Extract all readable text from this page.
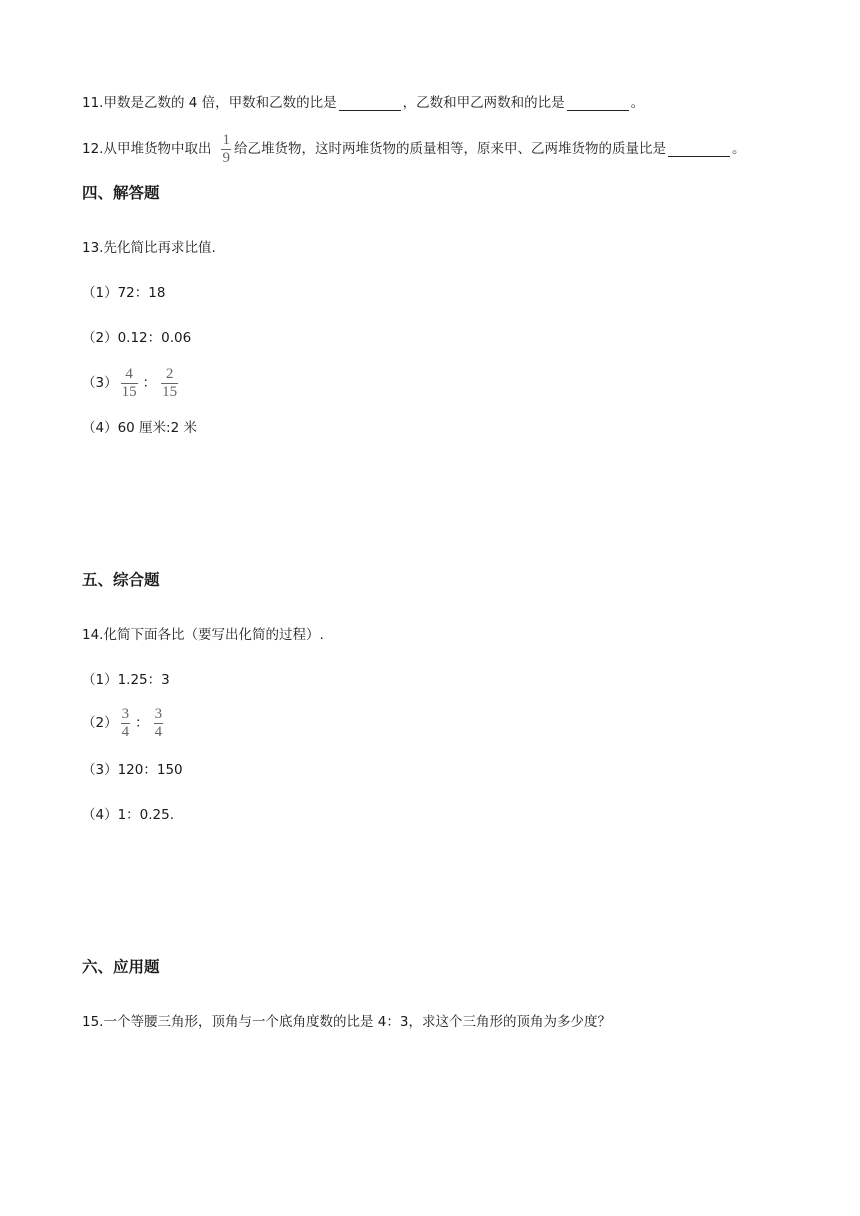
11.甲数是乙数的 4 倍，甲数和乙数的比是	，乙数和甲乙两数和的比是	。
12.从甲堆货物中取出 $\frac{1}{9}$ 给乙堆货物，这时两堆货物的质量相等，原来甲、乙两堆货物的质量比是	。
四、解答题
13.先化简比再求比值.
（1）72：18
（2）0.12：0.06
$(3) \frac{4}{15}$ ： $\frac{2}{15}$
（4）60 厘米:2 米
五、综合题
14.化简下面各比（要写出化简的过程）.
（1）1.25：3
$(2) \frac{3}{4}$ ： $\frac{3}{4}$
（3）120：150
（4）1：0.25.
六、应用题
15.一个等腰三角形，顶角与一个底角度数的比是 4：3，求这个三角形的顶角为多少度？
